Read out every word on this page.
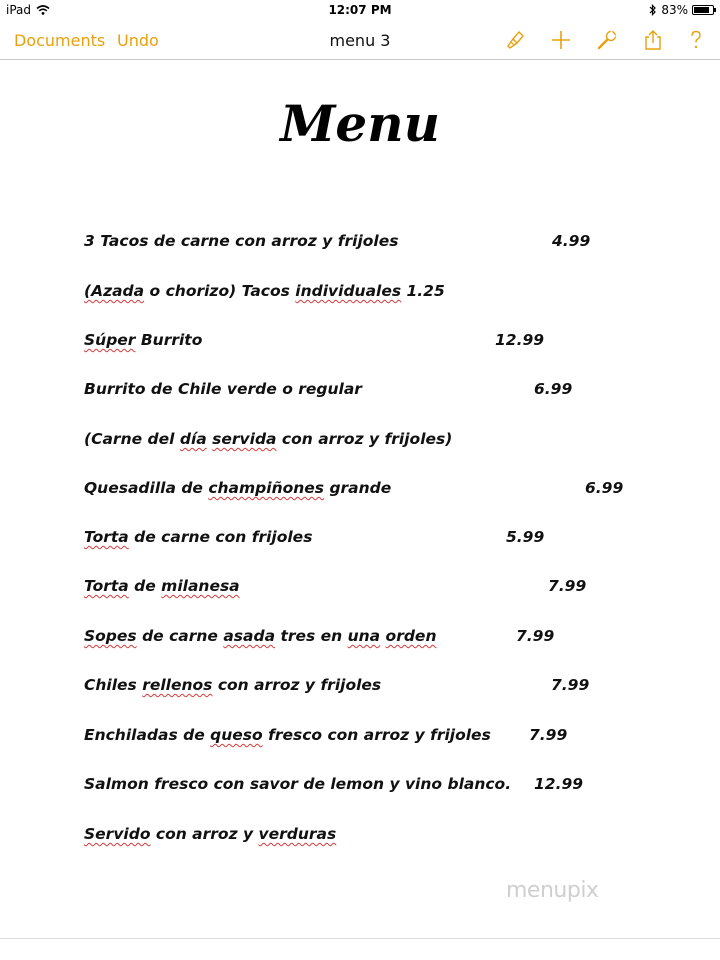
iPad	12:07 PM	83%
Documents Undo	menu 3
Menu
3 Tacos de carne con arroz y frijoles	4.99
(Azada o chorizo) Tacos individuales 1.25
Súper Burrito	12.99
Burrito de Chile verde o regular	6.99
(Carne del día servida con arroz y frijoles)
Quesadilla de champiñones grande	6.99
Torta de carne con frijoles	5.99
Torta de milanesa	7.99
Sopes de carne asada tres en una orden	7.99
Chiles rellenos con arroz y frijoles	7.99
Enchiladas de queso fresco con arroz y frijoles 7.99
Salmon fresco con savor de lemon y vino blanco. 12.99
Servido con arroz y verduras
menupix
